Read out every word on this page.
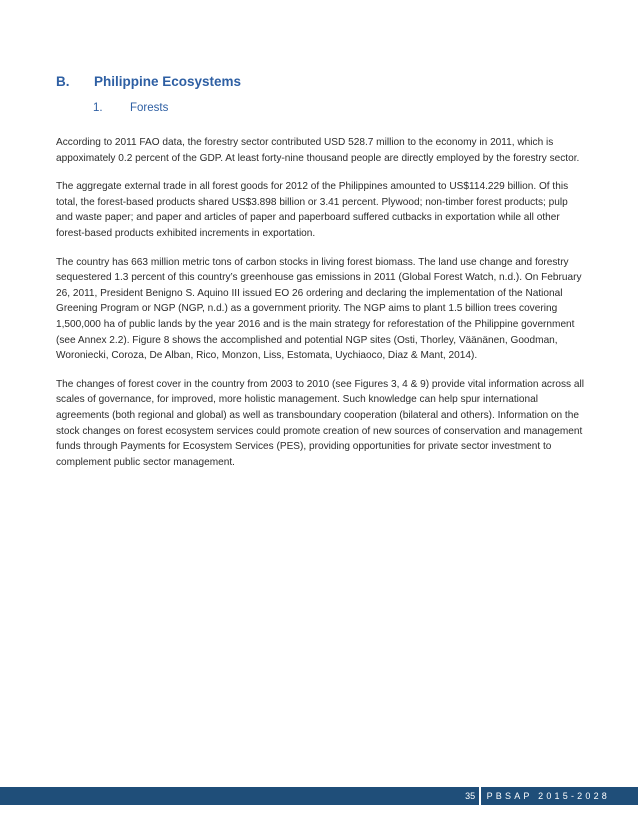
B. Philippine Ecosystems
1. Forests

According to 2011 FAO data, the forestry sector contributed USD 528.7 million to the economy in 2011, which is appoximately 0.2 percent of the GDP. At least forty-nine thousand people are directly employed by the forestry sector.

The aggregate external trade in all forest goods for 2012 of the Philippines amounted to US$114.229 billion. Of this total, the forest-based products shared US$3.898 billion or 3.41 percent. Plywood; non-timber forest products; pulp and waste paper; and paper and articles of paper and paperboard suffered cutbacks in exportation while all other forest-based products exhibited increments in exportation.

The country has 663 million metric tons of carbon stocks in living forest biomass. The land use change and forestry sequestered 1.3 percent of this country’s greenhouse gas emissions in 2011 (Global Forest Watch, n.d.). On February 26, 2011, President Benigno S. Aquino III issued EO 26 ordering and declaring the implementation of the National Greening Program or NGP (NGP, n.d.) as a government priority. The NGP aims to plant 1.5 billion trees covering 1,500,000 ha of public lands by the year 2016 and is the main strategy for reforestation of the Philippine government (see Annex 2.2). Figure 8 shows the accomplished and potential NGP sites (Osti, Thorley, Väänänen, Goodman, Woroniecki, Coroza, De Alban, Rico, Monzon, Liss, Estomata, Uychiaoco, Diaz & Mant, 2014).

The changes of forest cover in the country from 2003 to 2010 (see Figures 3, 4 & 9) provide vital information across all scales of governance, for improved, more holistic management. Such knowledge can help spur international agreements (both regional and global) as well as transboundary cooperation (bilateral and others). Information on the stock changes on forest ecosystem services could promote creation of new sources of conservation and management funds through Payments for Ecosystem Services (PES), providing opportunities for private sector investment to complement public sector management.

35	PBSAP 2015-2028
